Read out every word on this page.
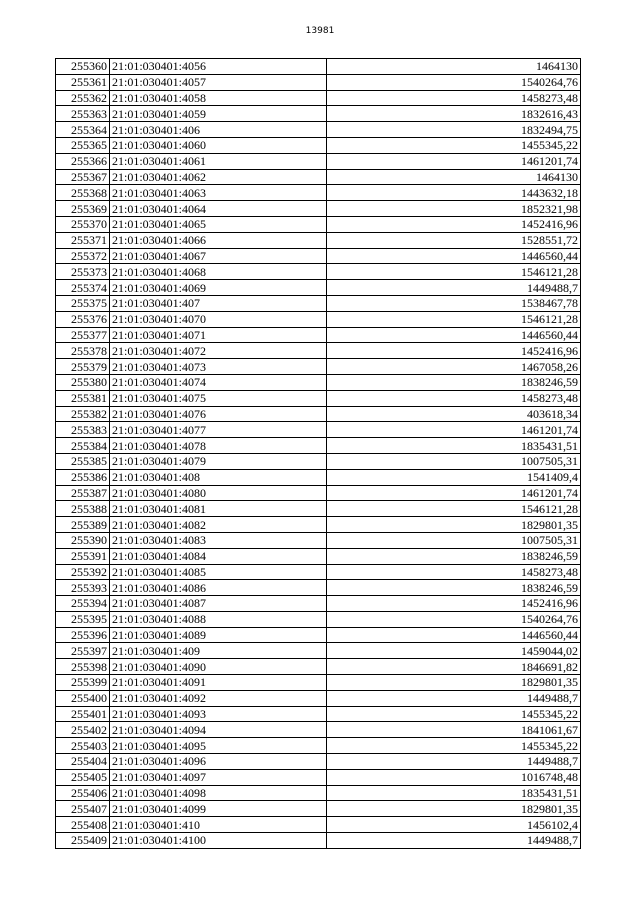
13981
255360	21:01:030401:4056	1464130
255361	21:01:030401:4057	1540264,76
255362	21:01:030401:4058	1458273,48
255363	21:01:030401:4059	1832616,43
255364	21:01:030401:406	1832494,75
255365	21:01:030401:4060	1455345,22
255366	21:01:030401:4061	1461201,74
255367	21:01:030401:4062	1464130
255368	21:01:030401:4063	1443632,18
255369	21:01:030401:4064	1852321,98
255370	21:01:030401:4065	1452416,96
255371	21:01:030401:4066	1528551,72
255372	21:01:030401:4067	1446560,44
255373	21:01:030401:4068	1546121,28
255374	21:01:030401:4069	1449488,7
255375	21:01:030401:407	1538467,78
255376	21:01:030401:4070	1546121,28
255377	21:01:030401:4071	1446560,44
255378	21:01:030401:4072	1452416,96
255379	21:01:030401:4073	1467058,26
255380	21:01:030401:4074	1838246,59
255381	21:01:030401:4075	1458273,48
255382	21:01:030401:4076	403618,34
255383	21:01:030401:4077	1461201,74
255384	21:01:030401:4078	1835431,51
255385	21:01:030401:4079	1007505,31
255386	21:01:030401:408	1541409,4
255387	21:01:030401:4080	1461201,74
255388	21:01:030401:4081	1546121,28
255389	21:01:030401:4082	1829801,35
255390	21:01:030401:4083	1007505,31
255391	21:01:030401:4084	1838246,59
255392	21:01:030401:4085	1458273,48
255393	21:01:030401:4086	1838246,59
255394	21:01:030401:4087	1452416,96
255395	21:01:030401:4088	1540264,76
255396	21:01:030401:4089	1446560,44
255397	21:01:030401:409	1459044,02
255398	21:01:030401:4090	1846691,82
255399	21:01:030401:4091	1829801,35
255400	21:01:030401:4092	1449488,7
255401	21:01:030401:4093	1455345,22
255402	21:01:030401:4094	1841061,67
255403	21:01:030401:4095	1455345,22
255404	21:01:030401:4096	1449488,7
255405	21:01:030401:4097	1016748,48
255406	21:01:030401:4098	1835431,51
255407	21:01:030401:4099	1829801,35
255408	21:01:030401:410	1456102,4
255409	21:01:030401:4100	1449488,7
